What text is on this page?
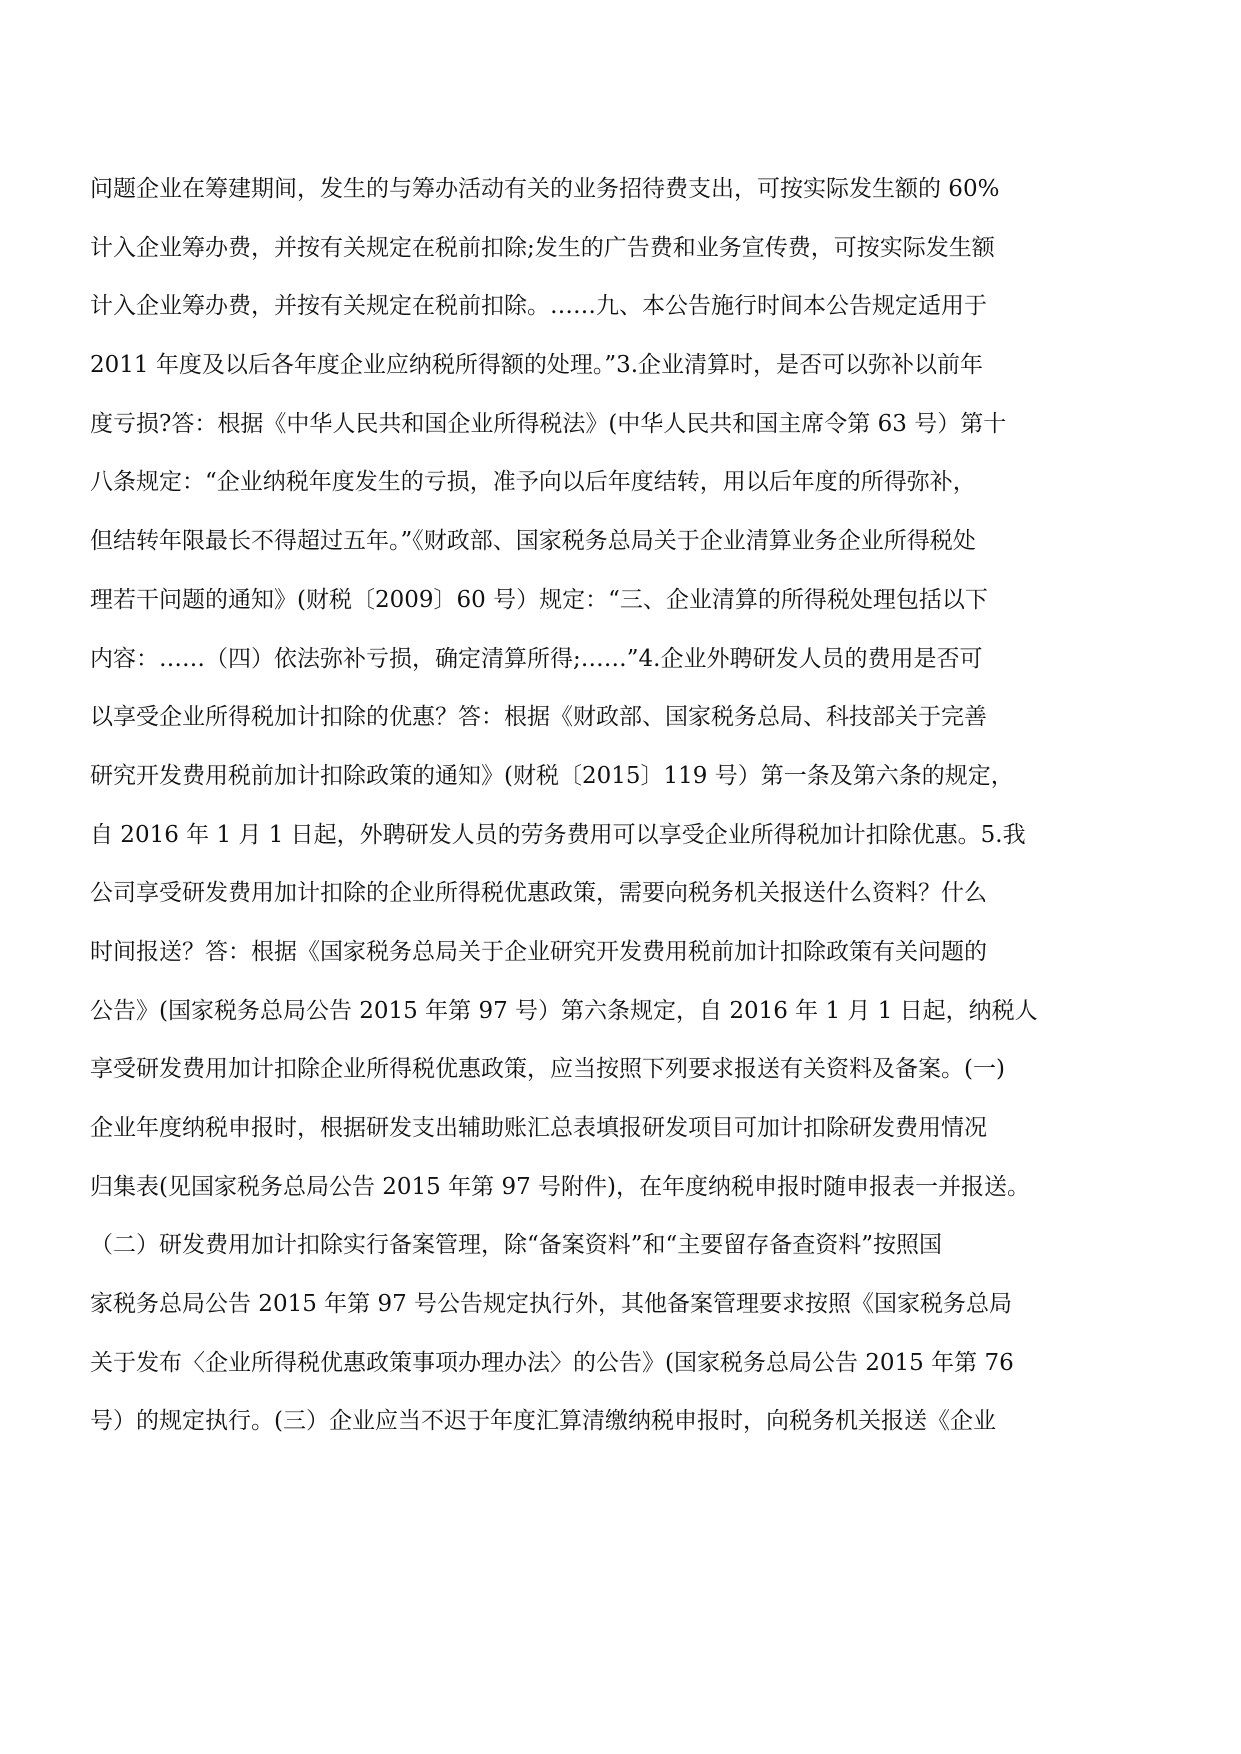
问题企业在筹建期间，发生的与筹办活动有关的业务招待费支出，可按实际发生额的 60%
计入企业筹办费，并按有关规定在税前扣除;发生的广告费和业务宣传费，可按实际发生额
计入企业筹办费，并按有关规定在税前扣除。……九、本公告施行时间本公告规定适用于
2011 年度及以后各年度企业应纳税所得额的处理。”3.企业清算时，是否可以弥补以前年
度亏损?答：根据《中华人民共和国企业所得税法》(中华人民共和国主席令第 63 号）第十
八条规定：“企业纳税年度发生的亏损，准予向以后年度结转，用以后年度的所得弥补，
但结转年限最长不得超过五年。”《财政部、国家税务总局关于企业清算业务企业所得税处
理若干问题的通知》(财税〔2009〕60 号）规定：“三、企业清算的所得税处理包括以下
内容：……（四）依法弥补亏损，确定清算所得;……”4.企业外聘研发人员的费用是否可
以享受企业所得税加计扣除的优惠？答：根据《财政部、国家税务总局、科技部关于完善
研究开发费用税前加计扣除政策的通知》(财税〔2015〕119 号）第一条及第六条的规定，
自 2016 年 1 月 1 日起，外聘研发人员的劳务费用可以享受企业所得税加计扣除优惠。5.我
公司享受研发费用加计扣除的企业所得税优惠政策，需要向税务机关报送什么资料？什么
时间报送？答：根据《国家税务总局关于企业研究开发费用税前加计扣除政策有关问题的
公告》(国家税务总局公告 2015 年第 97 号）第六条规定，自 2016 年 1 月 1 日起，纳税人
享受研发费用加计扣除企业所得税优惠政策，应当按照下列要求报送有关资料及备案。(一)
企业年度纳税申报时，根据研发支出辅助账汇总表填报研发项目可加计扣除研发费用情况
归集表(见国家税务总局公告 2015 年第 97 号附件)，在年度纳税申报时随申报表一并报送。
（二）研发费用加计扣除实行备案管理，除“备案资料”和“主要留存备查资料”按照国
家税务总局公告 2015 年第 97 号公告规定执行外，其他备案管理要求按照《国家税务总局
关于发布〈企业所得税优惠政策事项办理办法〉的公告》(国家税务总局公告 2015 年第 76
号）的规定执行。(三）企业应当不迟于年度汇算清缴纳税申报时，向税务机关报送《企业
